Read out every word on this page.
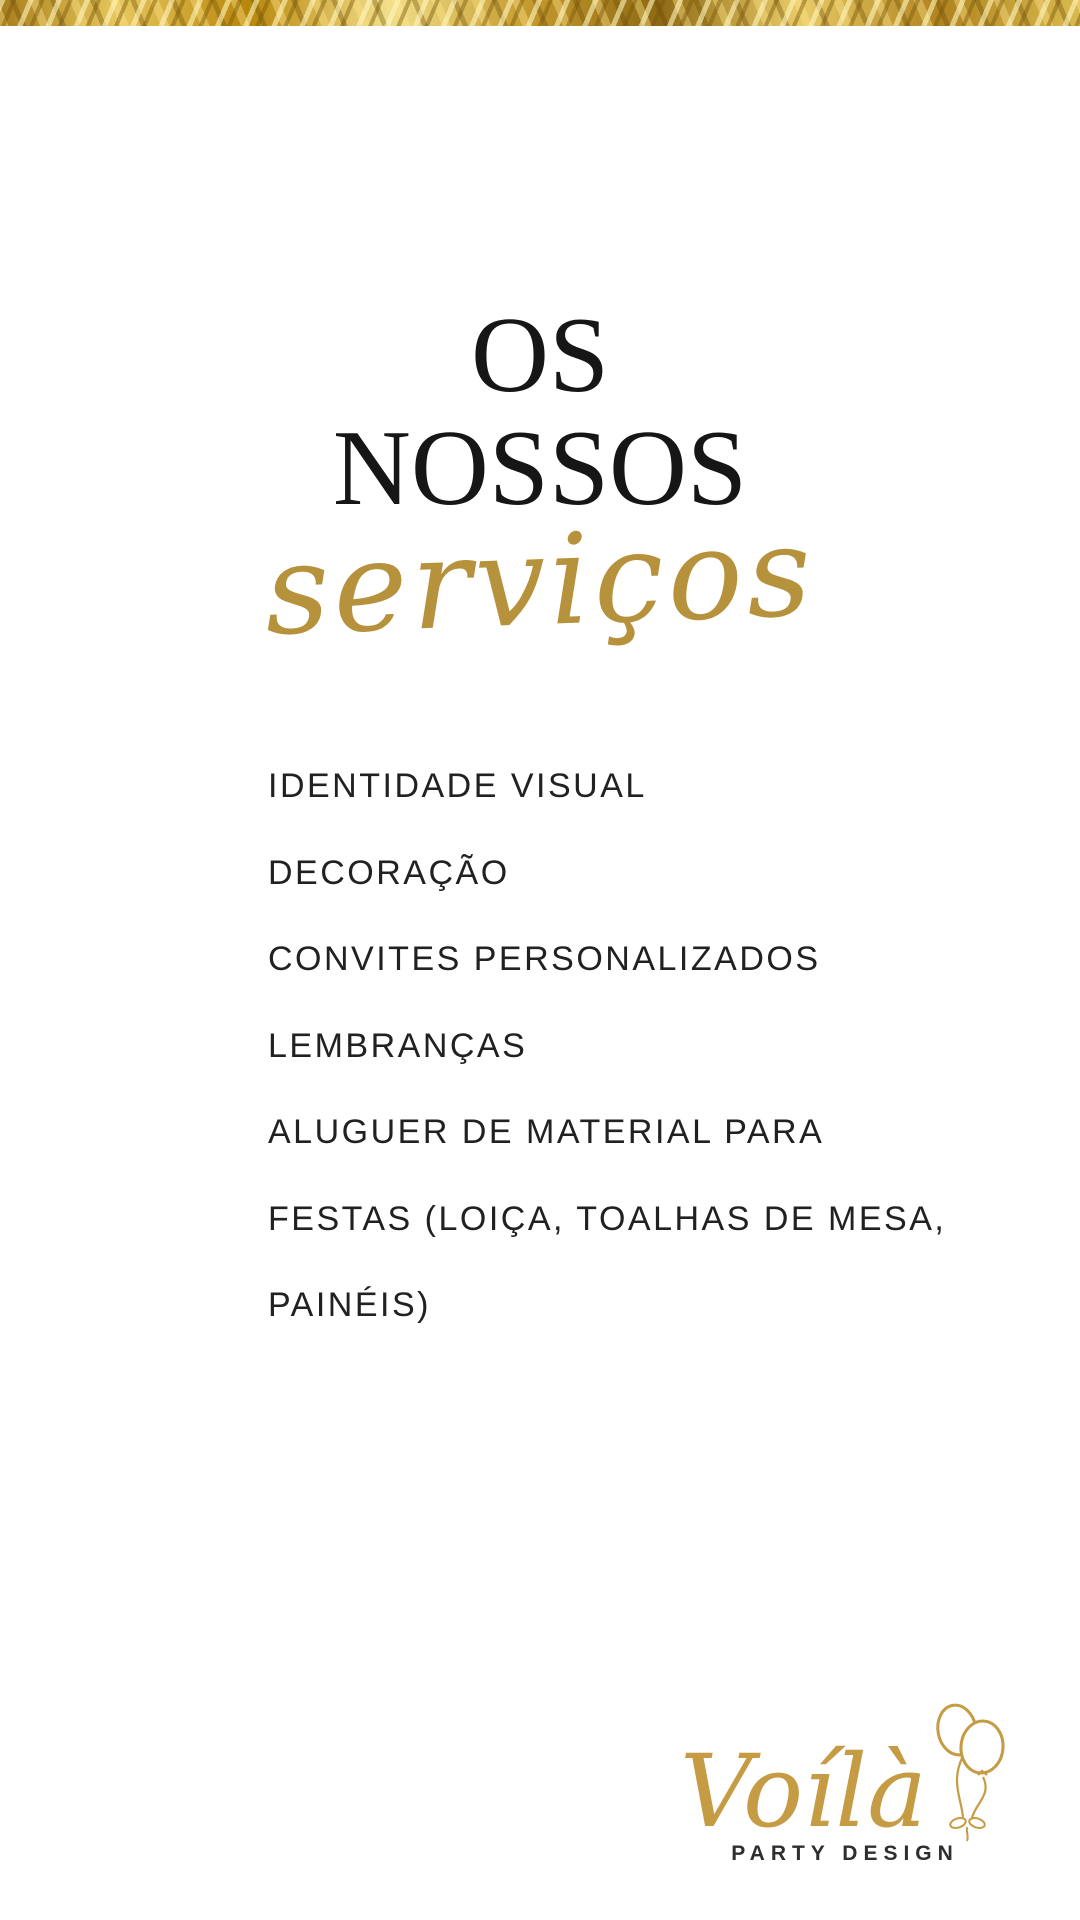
OS
NOSSOS
serviços
IDENTIDADE VISUAL
DECORAÇÃO
CONVITES PERSONALIZADOS
LEMBRANÇAS
ALUGUER DE MATERIAL PARA FESTAS (LOIÇA, TOALHAS DE MESA, PAINÉIS)
Voílà
PARTY DESIGN
